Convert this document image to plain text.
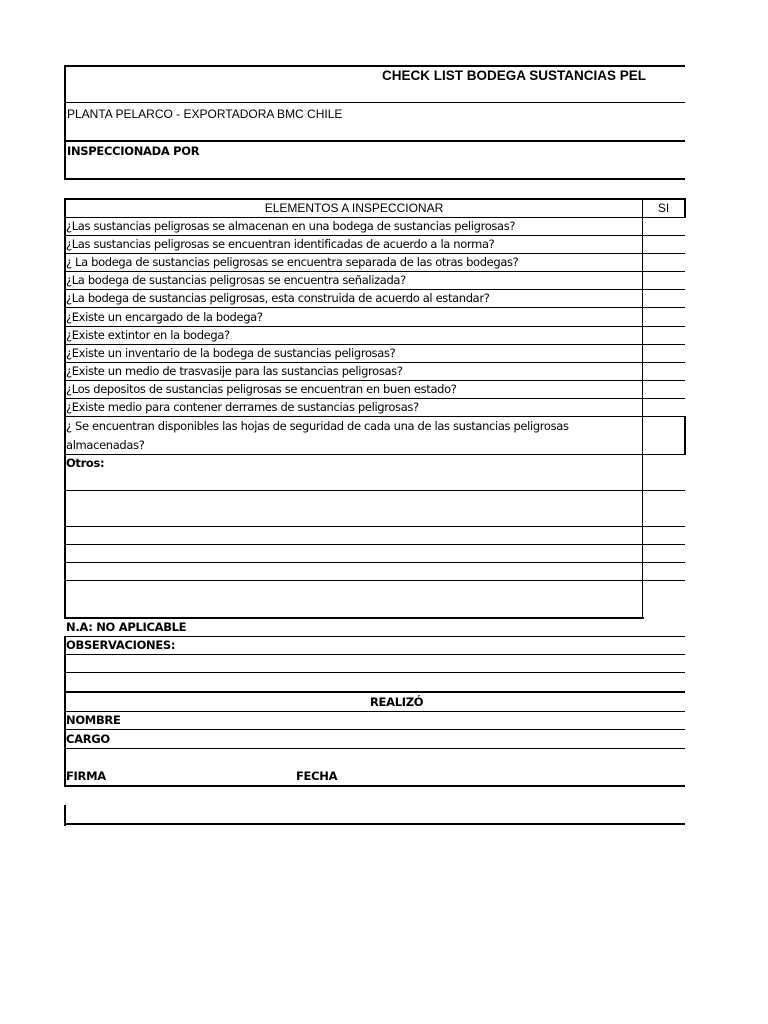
CHECK LIST BODEGA SUSTANCIAS PEL
PLANTA PELARCO - EXPORTADORA BMC CHILE
INSPECCIONADA POR
ELEMENTOS A INSPECCIONAR	SI
¿Las sustancias peligrosas se almacenan en una bodega de sustancias peligrosas?
¿Las sustancias peligrosas se encuentran identificadas de acuerdo a la norma?
¿ La bodega de sustancias peligrosas se encuentra separada de las otras bodegas?
¿La bodega de sustancias peligrosas se encuentra señalizada?
¿La bodega de sustancias peligrosas, esta construida de acuerdo al estandar?
¿Existe un encargado de la bodega?
¿Existe extintor en la bodega?
¿Existe un inventario de la bodega de sustancias peligrosas?
¿Existe un medio de trasvasije para las sustancias peligrosas?
¿Los depositos de sustancias peligrosas se encuentran en buen estado?
¿Existe medio para contener derrames de sustancias peligrosas?
¿ Se encuentran disponibles las hojas de seguridad de cada una de las sustancias peligrosas
almacenadas?
Otros:
N.A: NO APLICABLE
OBSERVACIONES:
REALIZÓ
NOMBRE
CARGO
FIRMA	FECHA
